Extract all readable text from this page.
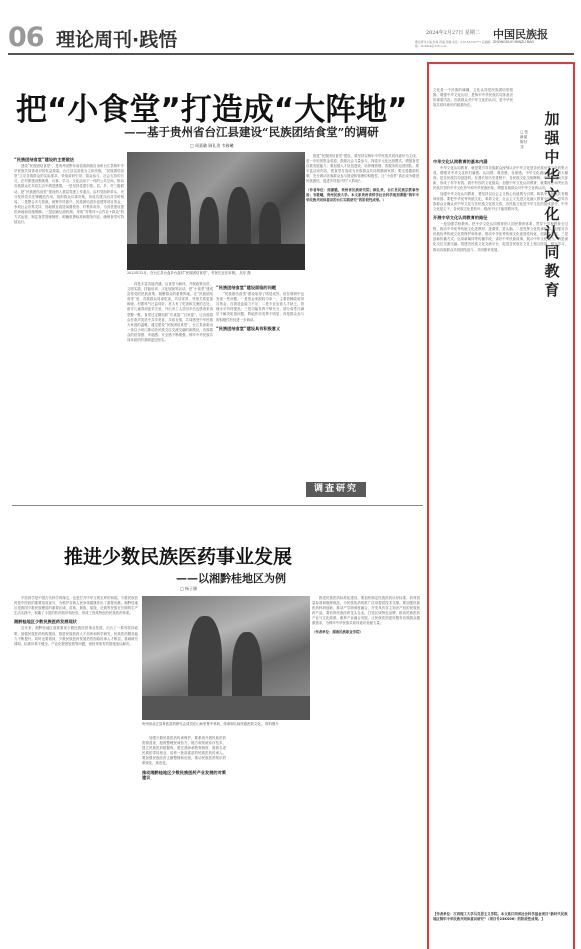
06 理论周刊·践悟	理论周刊主编 杜海 责编 吴楠 电话：010-58130777 投稿邮箱：mzbllzk@126.com
2024年2月27日 星期二 中国民族报
ZHONGGUO MINZU BAO
把“小食堂”打造成“大阵地”
——基于贵州省台江县建设“民族团结食堂”的调研
□ 周嘉璐 顾礼贵 韦筱曦
“民族团结食堂”建设的主要做法

建设“民族团结食堂”，是贵州省黔东南苗族侗族自治州台江县铸牢中华民族共同体意识的有益探索。台江县以苗族为主体民族，“民族团结食堂”立足各族群众的实际需求，采取政府引导、群众参与、社会支持的方式，在村寨建设集就餐、议事、学习、文化活动于一体的公共空间，推动各族群众在共同生活中增进感情。一是坚持党建引领。县、乡、村三级联动，把“民族团结食堂”建设纳入基层党建工作重点，由村党组织牵头，充分发挥党员先锋模范作用，组织群众议事决策，形成共建共治共享的格局。二是整合多方资源。统筹乡村振兴、民族团结进步创建等项目资金，争取社会各界支持，因地制宜改造闲置校舍、村集体用房，为食堂建设提供场地和设施保障。三是创新运营机制。采取“村集体+合作社+群众”的方式运营，制定食堂管理制度，明确收费标准和服务内容，确保食堂可持续运行。

2023年12月，在台江县台盘乡台盘村“民族团结食堂”，村民们正在用餐。 吴东 摄

四是丰富功能内涵。以食堂为载体，开展政策宣讲、文明实践、技能培训、文化展演等活动，把“小食堂”建成宣传党的民族政策、凝聚群众的重要阵地。在“民族团结食堂”里，各族群众同桌吃饭、共话家常，邻里关系更加和睦，村寨风气日益向好。老人有了吃饭和交流的去处，留守儿童得到更多关爱，外出务工人员回乡后也愿意来食堂聚一聚。食堂还定期组织“长桌宴”“百家宴”，让各族群众在欢声笑语中共享美食、共叙友情，共同感受中华民族大家庭的温暖。通过建设“民族团结食堂”，台江县探索出一条以小切口推动各民族交往交流交融的新路径，各族群众的获得感、幸福感、安全感不断增强，铸牢中华民族共同体意识的基础更加坚实。

“民族团结食堂”建设面临的问题

“民族团结食堂”建设取得了明显成效，但在调研中也发现一些问题。一是资金来源较为单一，主要依赖政府项目资金，自我造血能力不足；二是专业运营人才缺乏，管理水平有待提高；三是功能发挥不够充分，部分食堂仅满足于解决吃饭问题，阵地作用发挥不明显；四是群众参与的积极性有待进一步调动。

“民族团结食堂”建设具有积极意义

推进“民族团结食堂”建设，要坚持以铸牢中华民族共同体意识为主线，进一步拓宽资金渠道，鼓励社会力量参与，探索多元化运营模式，增强食堂自我发展能力；要加强人才队伍建设，培养懂管理、善服务的运营团队；要丰富活动内容，把食堂打造成为各族群众共同的精神家园；要完善激励机制，充分调动各族群众参与建设和管理的积极性，让“小食堂”真正成为增进民族团结、促进乡村振兴的“大阵地”。

（作者单位：周嘉璐，贵州省民族研究院；顾礼贵，台江县民族宗教事务局；韦筱曦，贵州民族大学。本文系贵州省哲学社会科学规划课题“铸牢中华民族共同体意识的台江实践研究”的阶段性成果。）

调查研究
推进少数民族医药事业发展
——以湘黔桂地区为例
□ 杨子涵

中医药学是中国古代科学的瑰宝，也是打开中华文明宝库的钥匙。少数民族医药是中医药的重要组成部分，为维护各族人民身体健康作出了重要贡献。湘黔桂地区是我国少数民族聚居的重要区域，苗族、侗族、瑶族、壮族等民族在长期的生产生活实践中，积累了丰富的医药知识和经验，形成了独具特色的民族医药体系。

湘黔桂地区少数民族医药发展现状

近年来，湘黔桂地区高度重视少数民族医药事业发展，出台了一系列扶持政策，加强民族医药机构建设，推进民族医药人才培养和科学研究，民族医药服务能力不断提升。同时也要看到，少数民族医药发展仍然面临传承人才断层、基础研究薄弱、标准体系不健全、产业化程度较低等问题，亟待采取有效措施加以解决。

贵州省从江县草医苗药研究会成员在山间采集中草药，传承和弘扬民族医药文化。 资料图片

加强少数民族医药传承保护。要系统开展民族医药资源普查，抢救整理民间验方、秘方和传统诊疗技术，建立民族医药数据库。要完善师承教育制度，鼓励名老民族医带徒授业，培养一批高素质的民族医药传承人。要加强民族医药文献整理和出版，推动民族医药知识的系统化、规范化。

推动湘黔桂地区少数民族医药产业发展的对策建议

推进民族医药标准化建设。要加快制定民族医药诊疗标准、药材质量标准和炮制规范，为民族医药的推广应用提供技术支撑。要加强民族医药科研创新，推动产学研深度融合，开发具有自主知识产权的民族医药产品。要培育民族医药龙头企业，打造区域特色品牌，推动民族医药产业与文化旅游、康养产业融合发展，让民族医药更好服务各族群众健康需求，为铸牢中华民族共同体意识贡献力量。

（作者单位：湖南民族职业学院）

加强中华文化认同教育
□ 张新斌 陈付龙
文化是一个民族的魂魄，文化认同是民族团结的根脉。增强中华文化认同，是铸牢中华民族共同体意识的重要内容。各族群众对中华文化的认同，是中华民族共同体意识的根基所在。
中华文化认同教育的基本内涵

中华文化认同教育，就是要引导各族群众深刻认识中华文化是各民族优秀文化的集大成，增强对中华文化的归属感、认同感、尊崇感、自豪感。中华文化源远流长、博大精深，是各民族共同创造的。在漫长的历史进程中，各民族文化交相辉映，中华文化历久弥新，形成了你中有我、我中有你的文化格局。加强中华文化认同教育，就要树立和突出各民族共享的中华文化符号和中华民族形象，增强各族群众对中华文化的认同。

加强中华文化认同教育，要坚持以社会主义核心价值观为引领，构筑中华民族共有精神家园。要把中华优秀传统文化、革命文化、社会主义先进文化融入教育全过程，引导各族群众正确认识中华文化与各民族文化的关系，各民族文化是中华文化的组成部分，中华文化是主干，各民族文化是枝叶，根深干壮才能枝繁叶茂。

开展中华文化认同教育的路径

一是加强学校教育。把中华文化认同教育纳入国民教育体系，贯穿于学校教育全过程，推动中华优秀传统文化进教材、进课堂、进头脑。二是发挥文化传承作用。加强对各民族优秀传统文化的保护和传承，推动中华优秀传统文化创造性转化、创新性发展。三是创新传播方式。运用新媒体等传播手段，讲好中华民族故事，展示中华文化魅力。四是深化交往交流交融。搭建各民族文化交流平台，促进各民族在文化上相互欣赏、相互学习，推动各族群众共同团结奋斗、共同繁荣发展。

【作者单位：江西理工大学马克思主义学院。本文系江西省社会科学基金项目“新时代民族地区铸牢中华民族共同体意识研究”（项目号23KS06）的阶段性成果。】
